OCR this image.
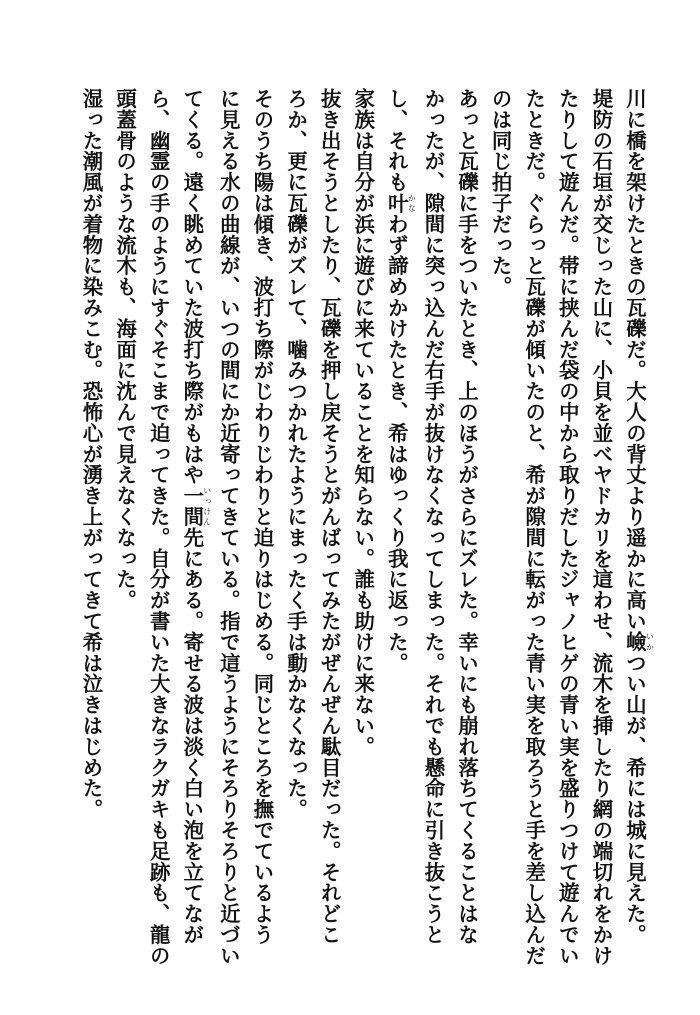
川に橋を架けたときの瓦礫だ。大人の背丈より遥かに高い嶮いかつい山が、希には城に見えた。
堤防の石垣が交じった山に、小貝を並べヤドカリを這わせ、流木を挿したり網の端切れをかけ
たりして遊んだ。帯に挟んだ袋の中から取りだしたジャノヒゲの青い実を盛りつけて遊んでい
たときだ。ぐらっと瓦礫が傾いたのと、希が隙間に転がった青い実を取ろうと手を差し込んだ
のは同じ拍子だった。
あっと瓦礫に手をついたとき、上のほうがさらにズレた。幸いにも崩れ落ちてくることはな
かったが、隙間に突っ込んだ右手が抜けなくなってしまった。それでも懸命に引き抜こうと
し、それも叶かなわず諦めかけたとき、希はゆっくり我に返った。
家族は自分が浜に遊びに来ていることを知らない。誰も助けに来ない。
抜き出そうとしたり、瓦礫を押し戻そうとがんばってみたがぜんぜん駄目だった。それどこ
ろか、更に瓦礫がズレて、噛みつかれたようにまったく手は動かなくなった。
そのうち陽は傾き、波打ち際がじわりじわりと迫りはじめる。同じところを撫でているよう
に見える水の曲線が、いつの間にか近寄ってきている。指で這うようにそろりそろりと近づい
てくる。遠く眺めていた波打ち際がもはや一間いっけん先にある。寄せる波は淡く白い泡を立てなが
ら、幽霊の手のようにすぐそこまで迫ってきた。自分が書いた大きなラクガキも足跡も、龍の
頭蓋骨のような流木も、海面に沈んで見えなくなった。
湿った潮風が着物に染みこむ。恐怖心が湧き上がってきて希は泣きはじめた。
